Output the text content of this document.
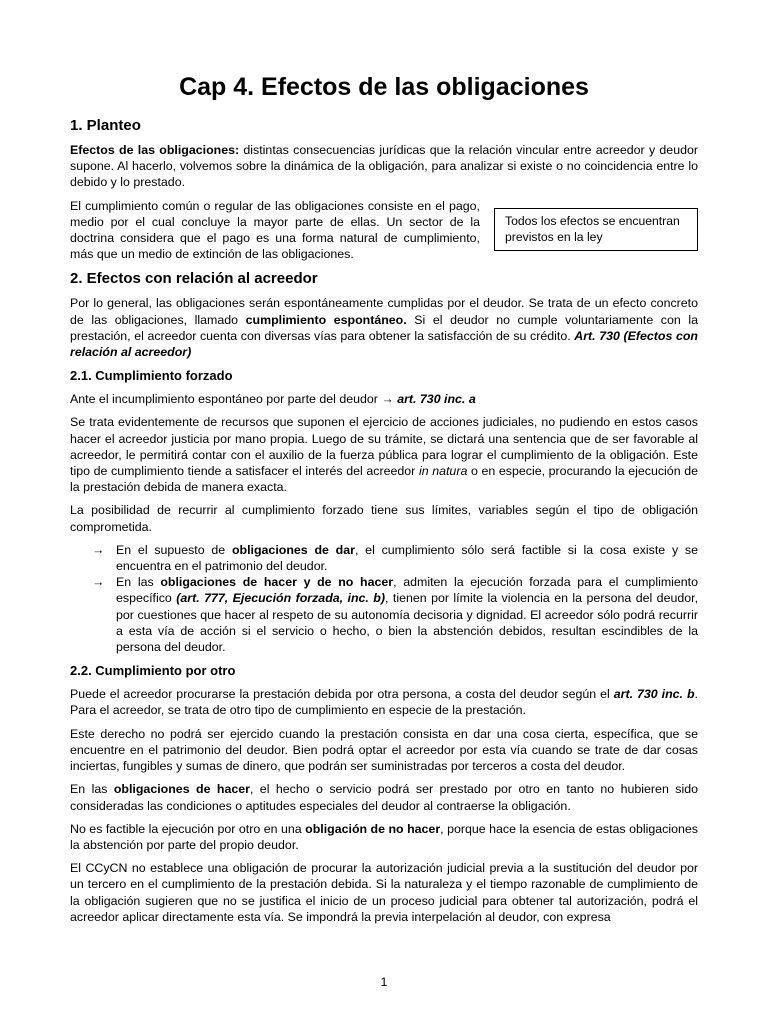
Cap 4. Efectos de las obligaciones
1. Planteo

Efectos de las obligaciones: distintas consecuencias jurídicas que la relación vincular entre acreedor y deudor supone. Al hacerlo, volvemos sobre la dinámica de la obligación, para analizar si existe o no coincidencia entre lo debido y lo prestado.

Todos los efectos se encuentran previstos en la ley

El cumplimiento común o regular de las obligaciones consiste en el pago, medio por el cual concluye la mayor parte de ellas. Un sector de la doctrina considera que el pago es una forma natural de cumplimiento, más que un medio de extinción de las obligaciones.

2. Efectos con relación al acreedor

Por lo general, las obligaciones serán espontáneamente cumplidas por el deudor. Se trata de un efecto concreto de las obligaciones, llamado cumplimiento espontáneo. Si el deudor no cumple voluntariamente con la prestación, el acreedor cuenta con diversas vías para obtener la satisfacción de su crédito. Art. 730 (Efectos con relación al acreedor)

2.1. Cumplimiento forzado

Ante el incumplimiento espontáneo por parte del deudor → art. 730 inc. a

Se trata evidentemente de recursos que suponen el ejercicio de acciones judiciales, no pudiendo en estos casos hacer el acreedor justicia por mano propia. Luego de su trámite, se dictará una sentencia que de ser favorable al acreedor, le permitirá contar con el auxilio de la fuerza pública para lograr el cumplimiento de la obligación. Este tipo de cumplimiento tiende a satisfacer el interés del acreedor in natura o en especie, procurando la ejecución de la prestación debida de manera exacta.

La posibilidad de recurrir al cumplimiento forzado tiene sus límites, variables según el tipo de obligación comprometida.

→ En el supuesto de obligaciones de dar, el cumplimiento sólo será factible si la cosa existe y se encuentra en el patrimonio del deudor.
→ En las obligaciones de hacer y de no hacer, admiten la ejecución forzada para el cumplimiento específico (art. 777, Ejecución forzada, inc. b), tienen por límite la violencia en la persona del deudor, por cuestiones que hacer al respeto de su autonomía decisoria y dignidad. El acreedor sólo podrá recurrir a esta vía de acción si el servicio o hecho, o bien la abstención debidos, resultan escindibles de la persona del deudor.
2.2. Cumplimiento por otro

Puede el acreedor procurarse la prestación debida por otra persona, a costa del deudor según el art. 730 inc. b. Para el acreedor, se trata de otro tipo de cumplimiento en especie de la prestación.

Este derecho no podrá ser ejercido cuando la prestación consista en dar una cosa cierta, específica, que se encuentre en el patrimonio del deudor. Bien podrá optar el acreedor por esta vía cuando se trate de dar cosas inciertas, fungibles y sumas de dinero, que podrán ser suministradas por terceros a costa del deudor.

En las obligaciones de hacer, el hecho o servicio podrá ser prestado por otro en tanto no hubieren sido consideradas las condiciones o aptitudes especiales del deudor al contraerse la obligación.

No es factible la ejecución por otro en una obligación de no hacer, porque hace la esencia de estas obligaciones la abstención por parte del propio deudor.

El CCyCN no establece una obligación de procurar la autorización judicial previa a la sustitución del deudor por un tercero en el cumplimiento de la prestación debida. Si la naturaleza y el tiempo razonable de cumplimiento de la obligación sugieren que no se justifica el inicio de un proceso judicial para obtener tal autorización, podrá el acreedor aplicar directamente esta vía. Se impondrá la previa interpelación al deudor, con expresa

1
